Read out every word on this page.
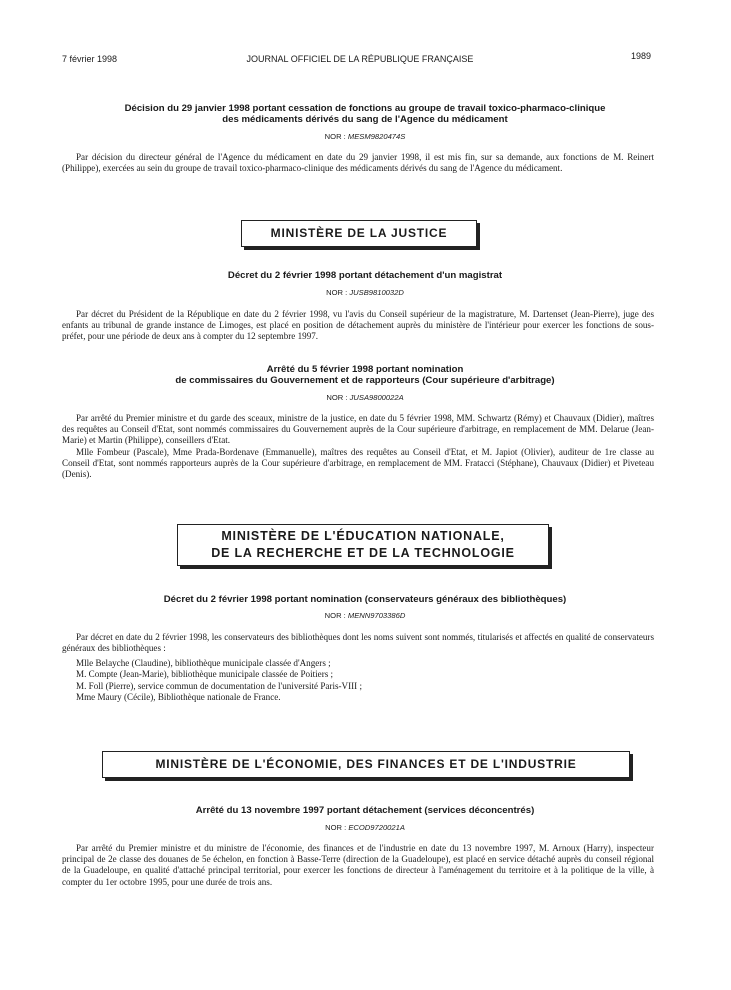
7 février 1998	JOURNAL OFFICIEL DE LA RÉPUBLIQUE FRANÇAISE	1989
Décision du 29 janvier 1998 portant cessation de fonctions au groupe de travail toxico-pharmaco-clinique
des médicaments dérivés du sang de l'Agence du médicament
NOR : MESM9820474S

Par décision du directeur général de l'Agence du médicament en date du 29 janvier 1998, il est mis fin, sur sa demande, aux fonctions de M. Reinert (Philippe), exercées au sein du groupe de travail toxico-pharmaco-clinique des médicaments dérivés du sang de l'Agence du médicament.

MINISTÈRE DE LA JUSTICE
Décret du 2 février 1998 portant détachement d'un magistrat
NOR : JUSB9810032D

Par décret du Président de la République en date du 2 février 1998, vu l'avis du Conseil supérieur de la magistrature, M. Dartenset (Jean-Pierre), juge des enfants au tribunal de grande instance de Limoges, est placé en position de détachement auprès du ministère de l'intérieur pour exercer les fonctions de sous-préfet, pour une période de deux ans à compter du 12 septembre 1997.

Arrêté du 5 février 1998 portant nomination
de commissaires du Gouvernement et de rapporteurs (Cour supérieure d'arbitrage)
NOR : JUSA9800022A

Par arrêté du Premier ministre et du garde des sceaux, ministre de la justice, en date du 5 février 1998, MM. Schwartz (Rémy) et Chauvaux (Didier), maîtres des requêtes au Conseil d'Etat, sont nommés commissaires du Gouvernement auprès de la Cour supérieure d'arbitrage, en remplacement de MM. Delarue (Jean-Marie) et Martin (Philippe), conseillers d'Etat.

Mlle Fombeur (Pascale), Mme Prada-Bordenave (Emmanuelle), maîtres des requêtes au Conseil d'Etat, et M. Japiot (Olivier), auditeur de 1re classe au Conseil d'Etat, sont nommés rapporteurs auprès de la Cour supérieure d'arbitrage, en remplacement de MM. Fratacci (Stéphane), Chauvaux (Didier) et Piveteau (Denis).

MINISTÈRE DE L'ÉDUCATION NATIONALE,
DE LA RECHERCHE ET DE LA TECHNOLOGIE
Décret du 2 février 1998 portant nomination (conservateurs généraux des bibliothèques)
NOR : MENN9703386D

Par décret en date du 2 février 1998, les conservateurs des bibliothèques dont les noms suivent sont nommés, titularisés et affectés en qualité de conservateurs généraux des bibliothèques :

Mlle Belayche (Claudine), bibliothèque municipale classée d'Angers ;
M. Compte (Jean-Marie), bibliothèque municipale classée de Poitiers ;
M. Foll (Pierre), service commun de documentation de l'université Paris-VIII ;
Mme Maury (Cécile), Bibliothèque nationale de France.
MINISTÈRE DE L'ÉCONOMIE, DES FINANCES ET DE L'INDUSTRIE
Arrêté du 13 novembre 1997 portant détachement (services déconcentrés)
NOR : ECOD9720021A

Par arrêté du Premier ministre et du ministre de l'économie, des finances et de l'industrie en date du 13 novembre 1997, M. Arnoux (Harry), inspecteur principal de 2e classe des douanes de 5e échelon, en fonction à Basse-Terre (direction de la Guadeloupe), est placé en service détaché auprès du conseil régional de la Guadeloupe, en qualité d'attaché principal territorial, pour exercer les fonctions de directeur à l'aménagement du territoire et à la politique de la ville, à compter du 1er octobre 1995, pour une durée de trois ans.
